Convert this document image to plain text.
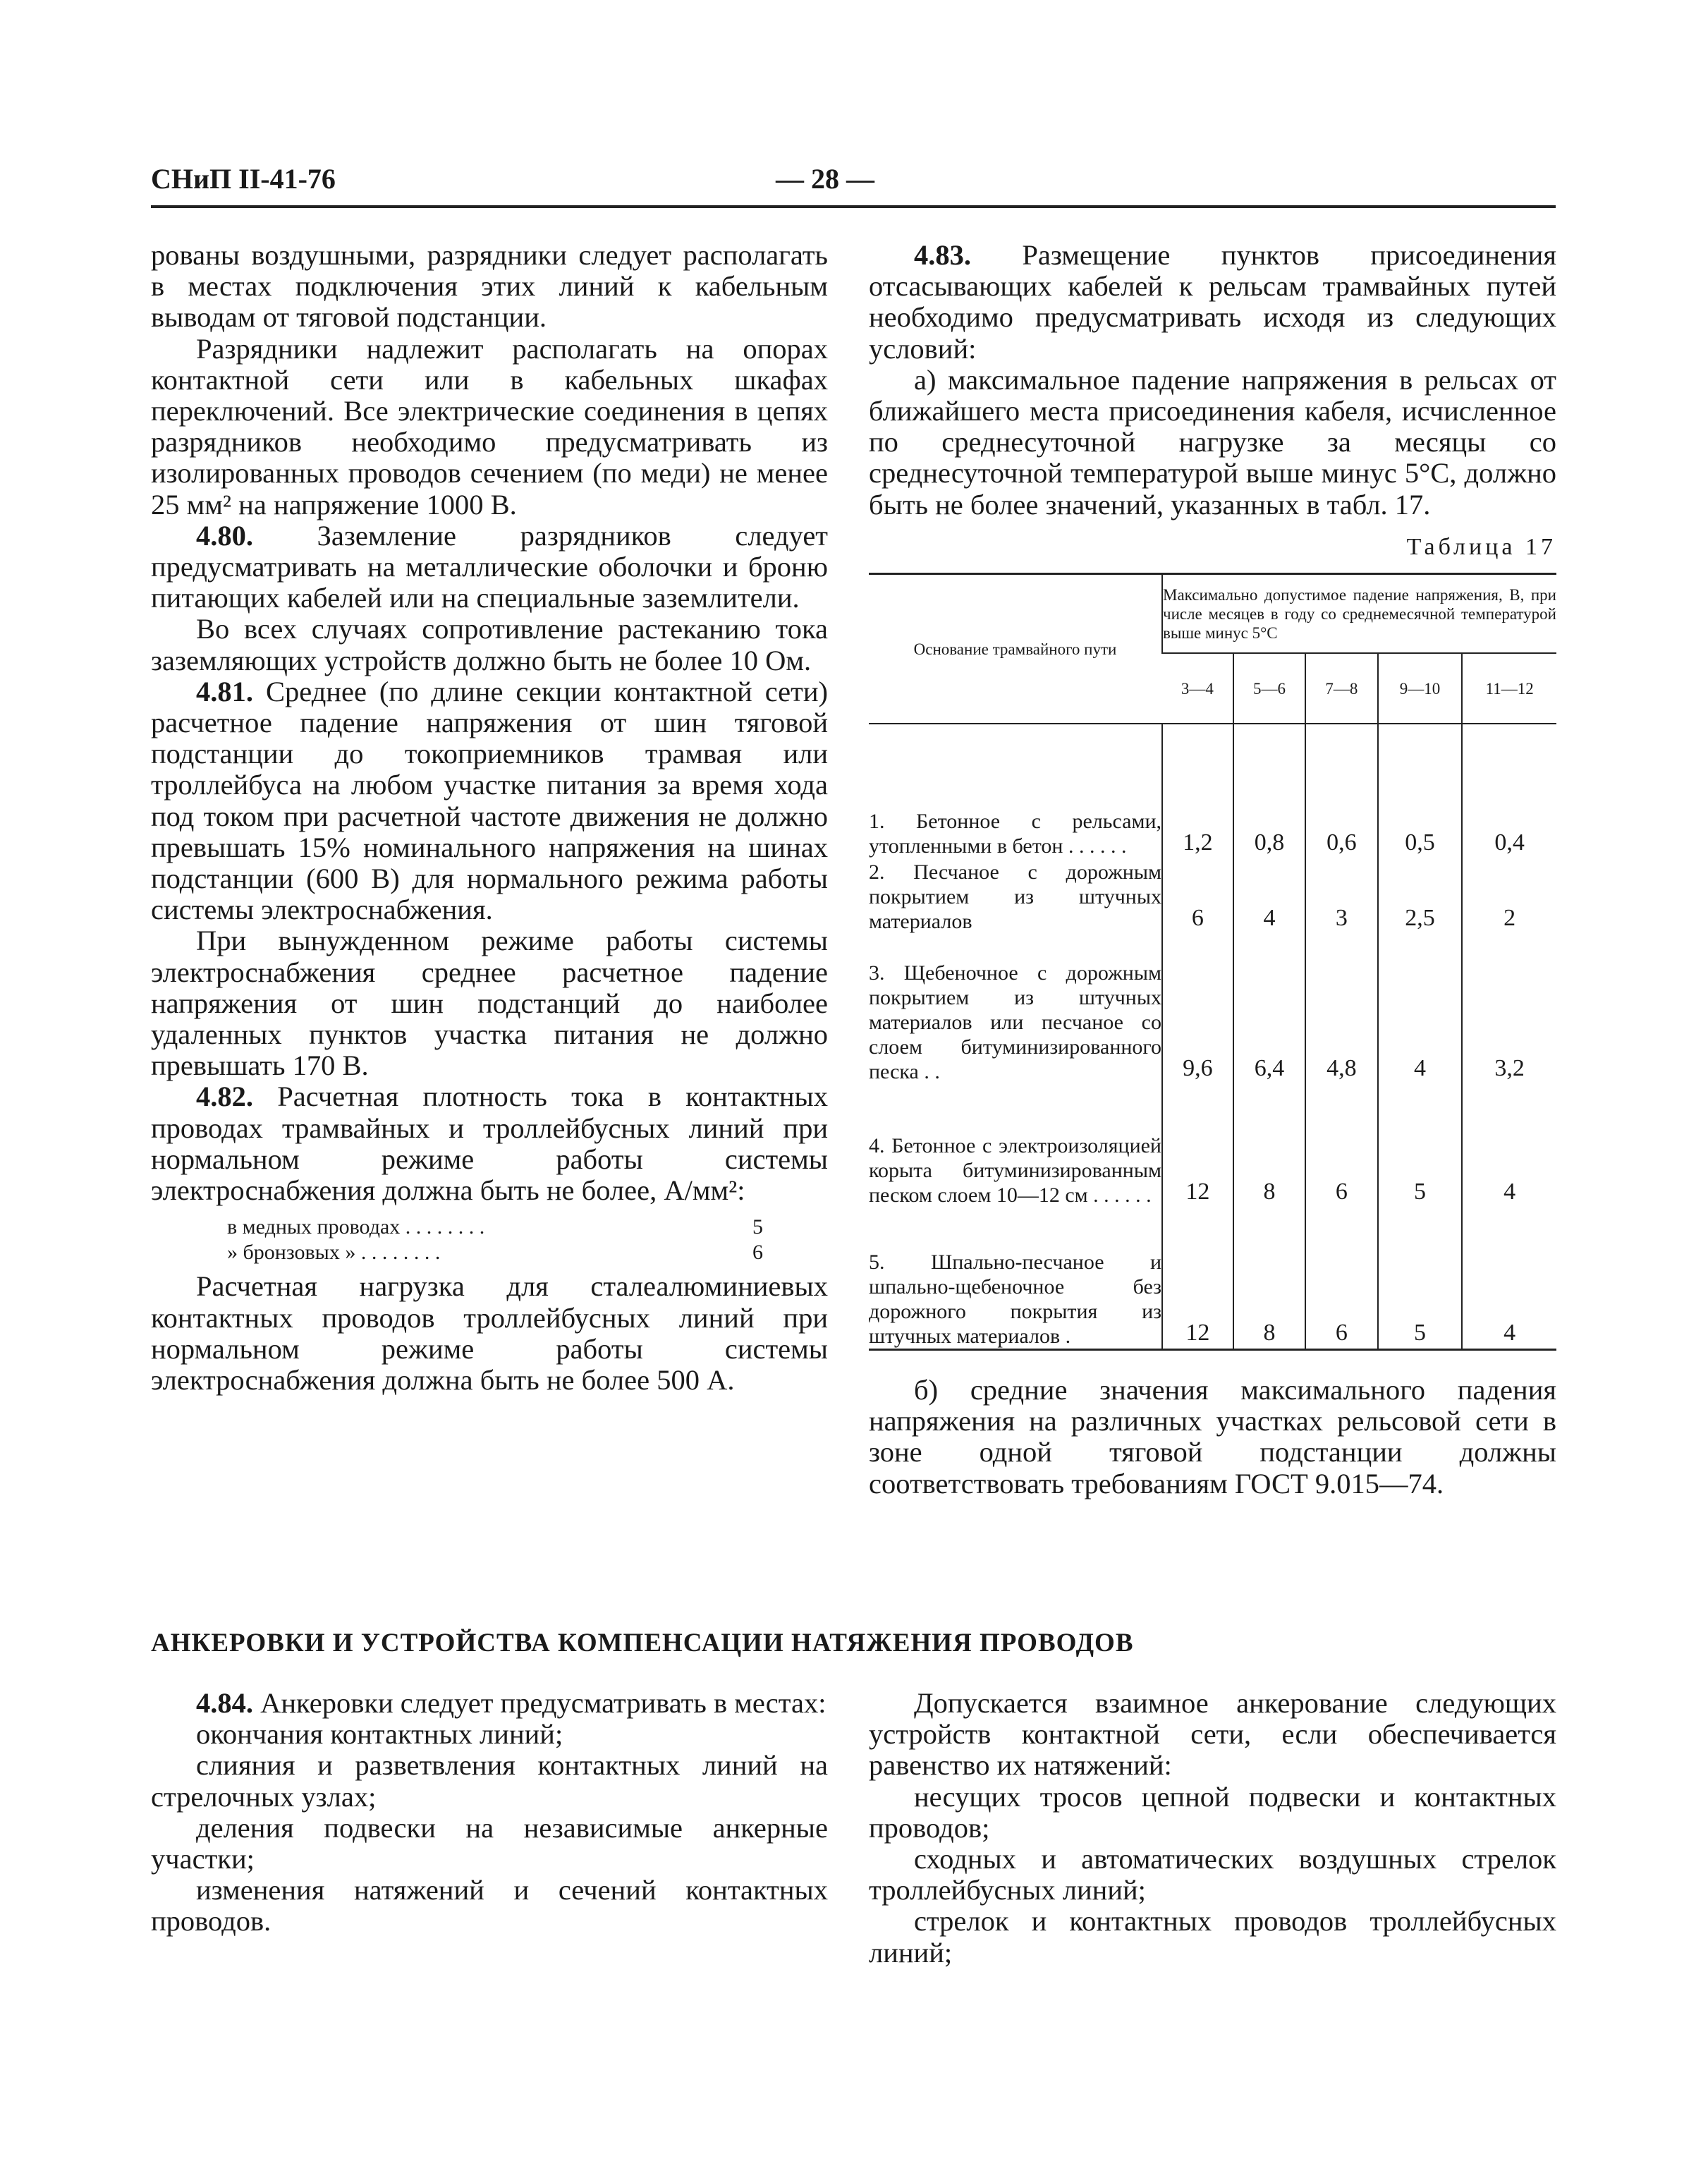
СНиП II-41-76	— 28 —

рованы воздушными, разрядники следует располагать в местах подключения этих линий к кабельным выводам от тяговой подстанции.

Разрядники надлежит располагать на опорах контактной сети или в кабельных шкафах переключений. Все электрические соединения в цепях разрядников необходимо предусматривать из изолированных проводов сечением (по меди) не менее 25 мм² на напряжение 1000 В.

4.80. Заземление разрядников следует предусматривать на металлические оболочки и броню питающих кабелей или на специальные заземлители.

Во всех случаях сопротивление растеканию тока заземляющих устройств должно быть не более 10 Ом.

4.81. Среднее (по длине секции контактной сети) расчетное падение напряжения от шин тяговой подстанции до токоприемников трамвая или троллейбуса на любом участке питания за время хода под током при расчетной частоте движения не должно превышать 15% номинального напряжения на шинах подстанции (600 В) для нормального режима работы системы электроснабжения.

При вынужденном режиме работы системы электроснабжения среднее расчетное падение напряжения от шин подстанций до наиболее удаленных пунктов участка питания не должно превышать 170 В.

4.82. Расчетная плотность тока в контактных проводах трамвайных и троллейбусных линий при нормальном режиме работы системы электроснабжения должна быть не более, А/мм²:

в медных проводах . . . . . . . .	5
» бронзовых » . . . . . . . .	6

Расчетная нагрузка для сталеалюминиевых контактных проводов троллейбусных линий при нормальном режиме работы системы электроснабжения должна быть не более 500 А.

4.83. Размещение пунктов присоединения отсасывающих кабелей к рельсам трамвайных путей необходимо предусматривать исходя из следующих условий:

а) максимальное падение напряжения в рельсах от ближайшего места присоединения кабеля, исчисленное по среднесуточной нагрузке за месяцы со среднесуточной температурой выше минус 5°С, должно быть не более значений, указанных в табл. 17.

Таблица 17
Основание трамвайного пути	Максимально допустимое падение напряжения, В, при числе месяцев в году со среднемесячной температурой выше минус 5°С				
	3—4	5—6	7—8	9—10	11—12
1. Бетонное с рельсами, утопленными в бетон . . . . . .	1,2	0,8	0,6	0,5	0,4
2. Песчаное с дорожным покрытием из штучных материалов	6	4	3	2,5	2
3. Щебеночное с дорожным покрытием из штучных материалов или песчаное со слоем битуминизированного песка . .	9,6	6,4	4,8	4	3,2
4. Бетонное с электроизоляцией корыта битуминизированным песком слоем 10—12 см . . . . . .	12	8	6	5	4
5. Шпально-песчаное и шпально-щебеночное без дорожного покрытия из штучных материалов .	12	8	6	5	4

б) средние значения максимального падения напряжения на различных участках рельсовой сети в зоне одной тяговой подстанции должны соответствовать требованиям ГОСТ 9.015—74.

АНКЕРОВКИ И УСТРОЙСТВА КОМПЕНСАЦИИ НАТЯЖЕНИЯ ПРОВОДОВ

4.84. Анкеровки следует предусматривать в местах:

окончания контактных линий;

слияния и разветвления контактных линий на стрелочных узлах;

деления подвески на независимые анкерные участки;

изменения натяжений и сечений контактных проводов.

Допускается взаимное анкерование следующих устройств контактной сети, если обеспечивается равенство их натяжений:

несущих тросов цепной подвески и контактных проводов;

сходных и автоматических воздушных стрелок троллейбусных линий;

стрелок и контактных проводов троллейбусных линий;
